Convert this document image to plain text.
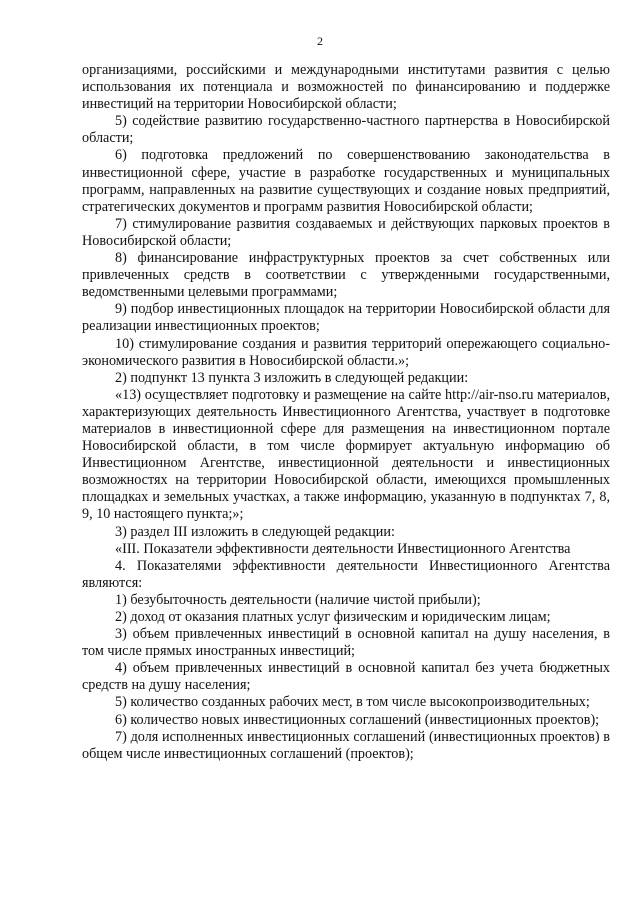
2

организациями, российскими и международными институтами развития с целью использования их потенциала и возможностей по финансированию и поддержке инвестиций на территории Новосибирской области;

5) содействие развитию государственно-частного партнерства в Новосибирской области;

6) подготовка предложений по совершенствованию законодательства в инвестиционной сфере, участие в разработке государственных и муниципальных программ, направленных на развитие существующих и создание новых предприятий, стратегических документов и программ развития Новосибирской области;

7) стимулирование развития создаваемых и действующих парковых проектов в Новосибирской области;

8) финансирование инфраструктурных проектов за счет собственных или привлеченных средств в соответствии с утвержденными государственными, ведомственными целевыми программами;

9) подбор инвестиционных площадок на территории Новосибирской области для реализации инвестиционных проектов;

10) стимулирование создания и развития территорий опережающего социально-экономического развития в Новосибирской области.»;

2) подпункт 13 пункта 3 изложить в следующей редакции:

«13) осуществляет подготовку и размещение на сайте http://air-nso.ru материалов, характеризующих деятельность Инвестиционного Агентства, участвует в подготовке материалов в инвестиционной сфере для размещения на инвестиционном портале Новосибирской области, в том числе формирует актуальную информацию об Инвестиционном Агентстве, инвестиционной деятельности и инвестиционных возможностях на территории Новосибирской области, имеющихся промышленных площадках и земельных участках, а также информацию, указанную в подпунктах 7, 8, 9, 10 настоящего пункта;»;

3) раздел III изложить в следующей редакции:

«III. Показатели эффективности деятельности Инвестиционного Агентства

4. Показателями эффективности деятельности Инвестиционного Агентства являются:

1) безубыточность деятельности (наличие чистой прибыли);

2) доход от оказания платных услуг физическим и юридическим лицам;

3) объем привлеченных инвестиций в основной капитал на душу населения, в том числе прямых иностранных инвестиций;

4) объем привлеченных инвестиций в основной капитал без учета бюджетных средств на душу населения;

5) количество созданных рабочих мест, в том числе высокопроизводительных;

6) количество новых инвестиционных соглашений (инвестиционных проектов);

7) доля исполненных инвестиционных соглашений (инвестиционных проектов) в общем числе инвестиционных соглашений (проектов);
